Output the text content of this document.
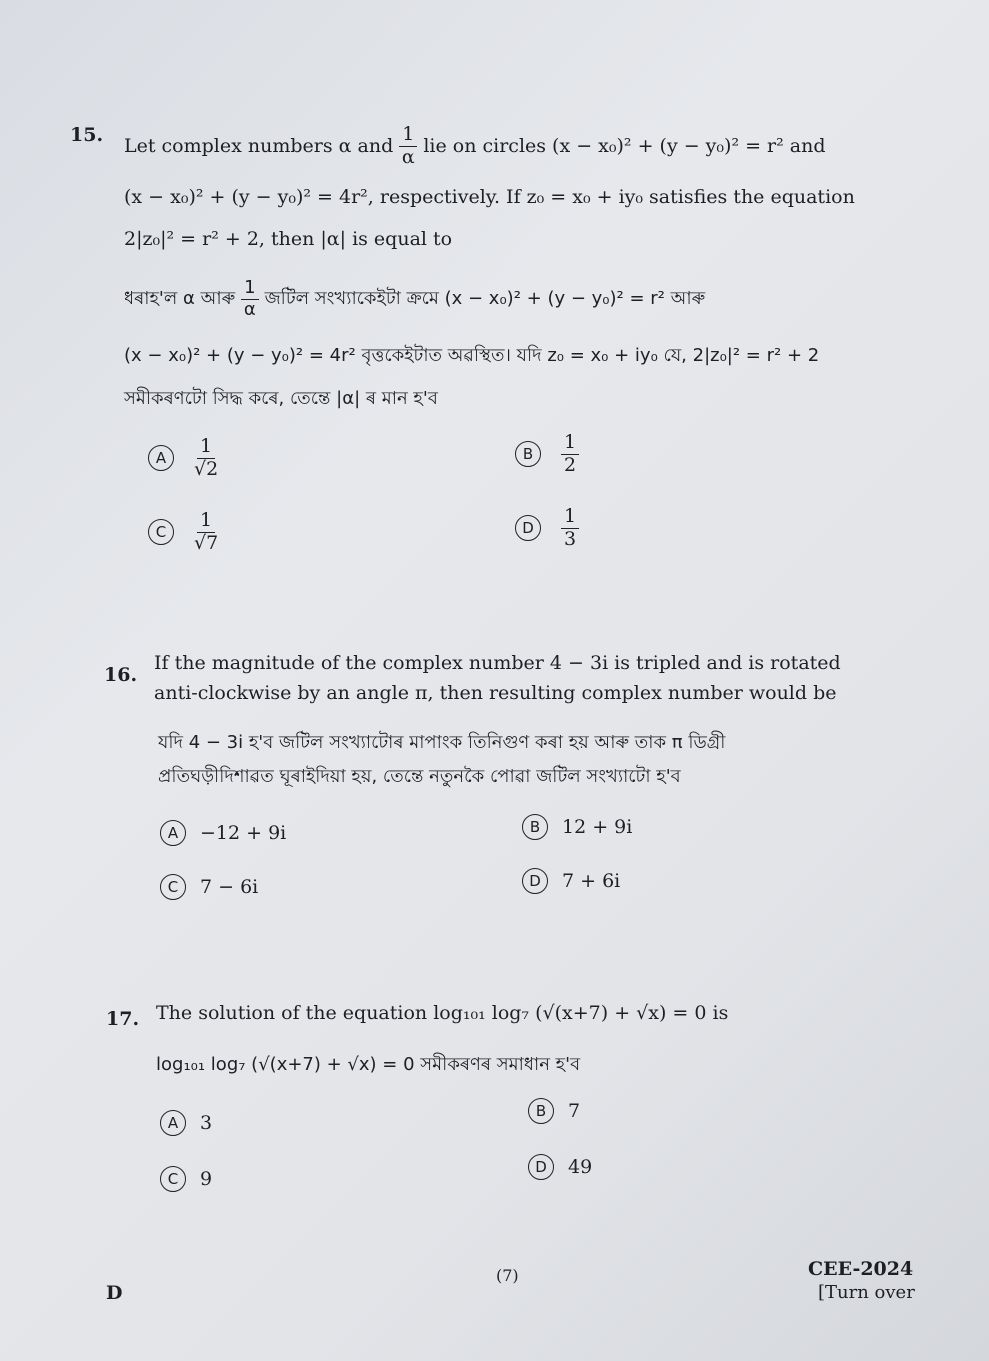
15.
Let complex numbers α and $\frac{1}{\alpha}$ lie on circles (x − x₀)² + (y − y₀)² = r² and
(x − x₀)² + (y − y₀)² = 4r², respectively. If z₀ = x₀ + iy₀ satisfies the equation
2|z₀|² = r² + 2, then |α| is equal to
ধৰাহ'ল α আৰু $\frac{1}{\alpha}$ জটিল সংখ্যাকেইটা ক্ৰমে (x − x₀)² + (y − y₀)² = r² আৰু
(x − x₀)² + (y − y₀)² = 4r² বৃত্তকেইটাত অৱস্থিত। যদি z₀ = x₀ + iy₀ যে, 2|z₀|² = r² + 2
সমীকৰণটো সিদ্ধ কৰে, তেন্তে |α| ৰ মান হ'ব
A	$\frac{1}{√2}$	B	$\frac{1}{2}$
C	$\frac{1}{√7}$	D	$\frac{1}{3}$
16.
If the magnitude of the complex number 4 − 3i is tripled and is rotated
anti-clockwise by an angle π, then resulting complex number would be
যদি 4 − 3i হ'ব জটিল সংখ্যাটোৰ মাপাংক তিনিগুণ কৰা হয় আৰু তাক π ডিগ্ৰী
প্ৰতিঘড়ীদিশাৱত ঘূৰাইদিয়া হয়, তেন্তে নতুনকৈ পোৱা জটিল সংখ্যাটো হ'ব
A	−12 + 9i	B	12 + 9i
C	7 − 6i	D	7 + 6i
17. The solution of the equation log₁₀₁ log₇ (√(x+7) + √x) = 0 is
log₁₀₁ log₇ (√(x+7) + √x) = 0 সমীকৰণৰ সমাধান হ'ব
A	3
B	7
C	9
D	49
D
(7)	CEE-2024
[Turn over
